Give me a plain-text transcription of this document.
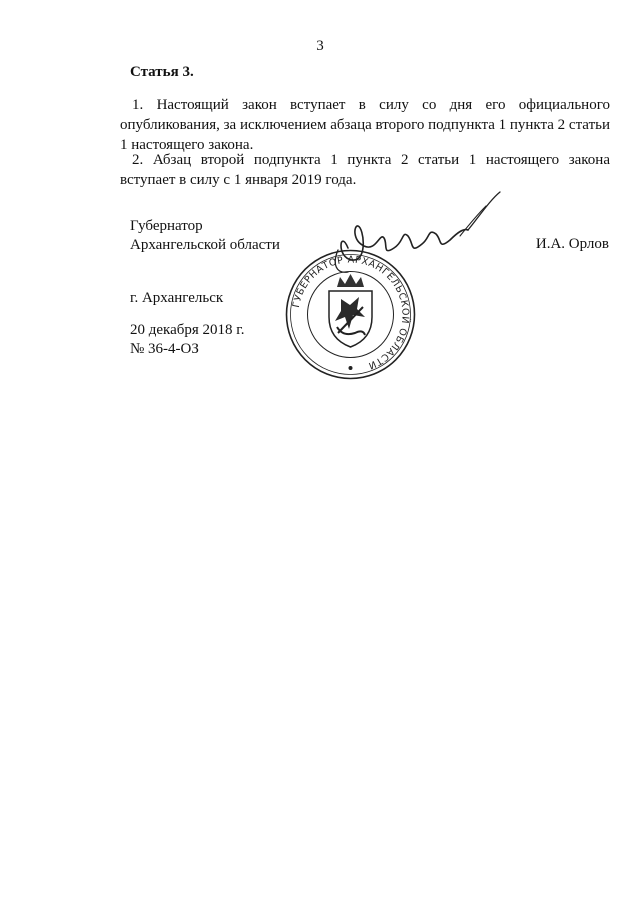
3
Статья 3.

1. Настоящий закон вступает в силу со дня его официального опубликования, за исключением абзаца второго подпункта 1 пункта 2 статьи 1 настоящего закона.

2. Абзац второй подпункта 1 пункта 2 статьи 1 настоящего закона вступает в силу с 1 января 2019 года.

Губернатор
Архангельской области	И.А. Орлов
г. Архангельск
20 декабря 2018 г.
№ 36-4-ОЗ
ГУБЕРНАТОР АРХАНГЕЛЬСКОЙ ОБЛАСТИ
